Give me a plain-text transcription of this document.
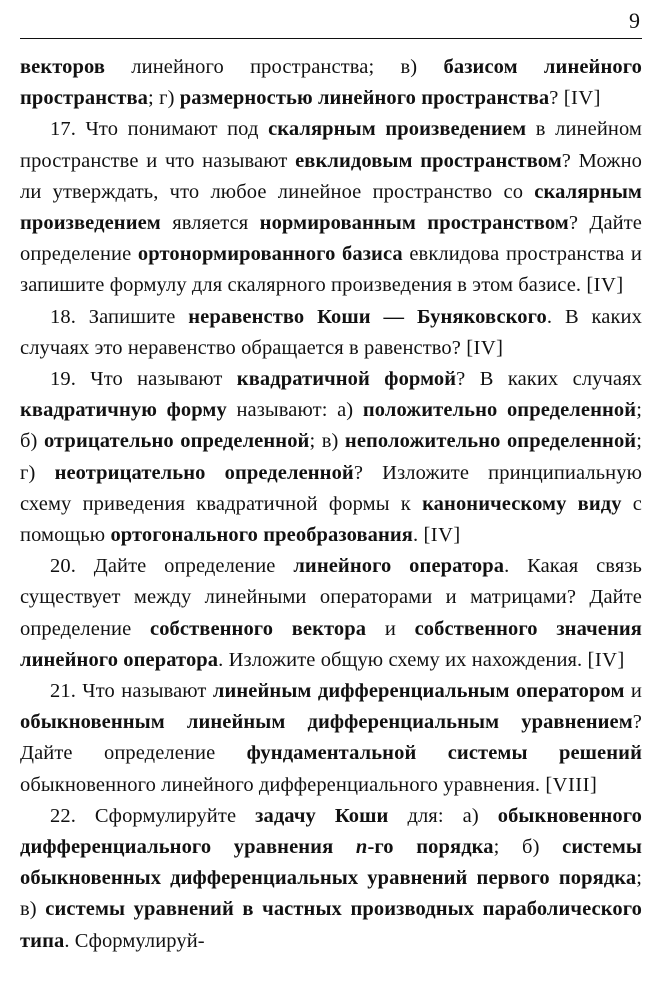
9

векторов линейного пространства; в) базисом линейного пространства; г) размерностью линейного пространства? [IV]

17. Что понимают под скалярным произведением в линейном пространстве и что называют евклидовым пространством? Можно ли утверждать, что любое линейное пространство со скалярным произведением является нормированным пространством? Дайте определение ортонормированного базиса евклидова пространства и запишите формулу для скалярного произведения в этом базисе. [IV]

18. Запишите неравенство Коши — Буняковского. В каких случаях это неравенство обращается в равенство? [IV]

19. Что называют квадратичной формой? В каких случаях квадратичную форму называют: а) положительно определенной; б) отрицательно определенной; в) неположительно определенной; г) неотрицательно определенной? Изложите принципиальную схему приведения квадратичной формы к каноническому виду с помощью ортогонального преобразования. [IV]

20. Дайте определение линейного оператора. Какая связь существует между линейными операторами и матрицами? Дайте определение собственного вектора и собственного значения линейного оператора. Изложите общую схему их нахождения. [IV]

21. Что называют линейным дифференциальным оператором и обыкновенным линейным дифференциальным уравнением? Дайте определение фундаментальной системы решений обыкновенного линейного дифференциального уравнения. [VIII]

22. Сформулируйте задачу Коши для: а) обыкновенного дифференциального уравнения n-го порядка; б) системы обыкновенных дифференциальных уравнений первого порядка; в) системы уравнений в частных производных параболического типа. Сформулируй-
